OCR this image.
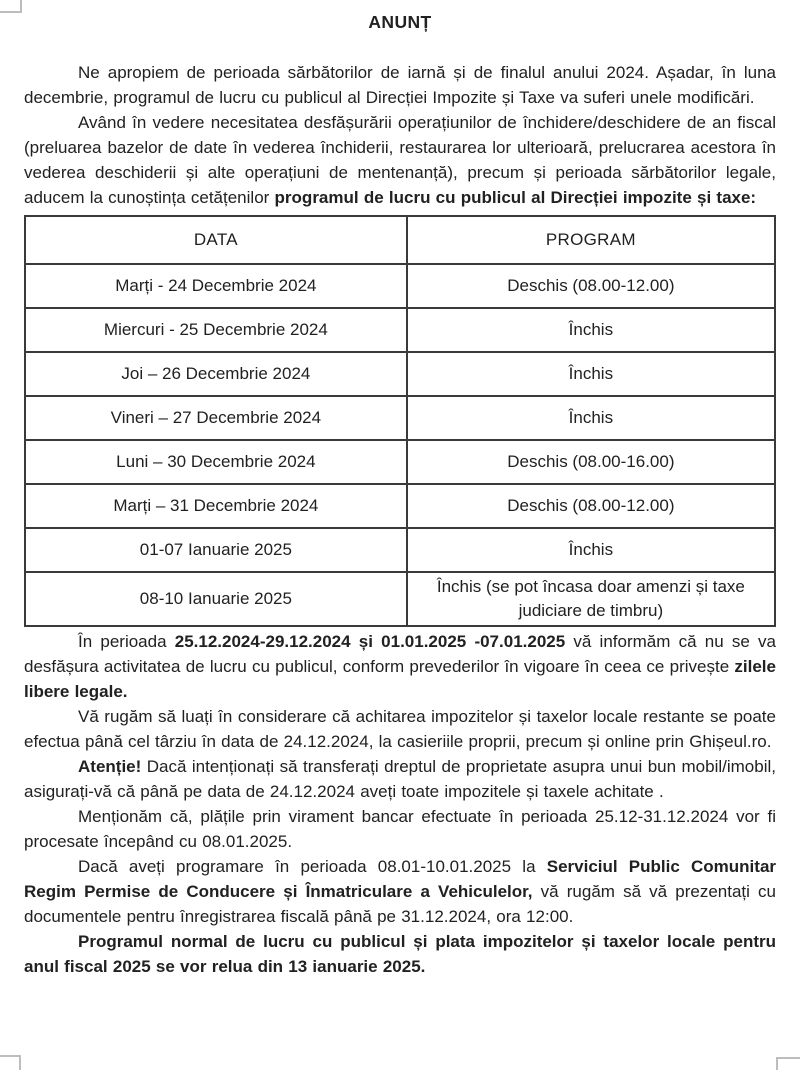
ANUNȚ

Ne apropiem de perioada sărbătorilor de iarnă și de finalul anului 2024. Așadar, în luna decembrie, programul de lucru cu publicul al Direcției Impozite și Taxe va suferi unele modificări.

Având în vedere necesitatea desfășurării operațiunilor de închidere/deschidere de an fiscal (preluarea bazelor de date în vederea închiderii, restaurarea lor ulterioară, prelucrarea acestora în vederea deschiderii și alte operațiuni de mentenanță), precum și perioada sărbătorilor legale, aducem la cunoștința cetățenilor programul de lucru cu publicul al Direcției impozite și taxe:

DATA	PROGRAM
Marți - 24 Decembrie 2024	Deschis (08.00-12.00)
Miercuri - 25 Decembrie 2024	Închis
Joi – 26 Decembrie 2024	Închis
Vineri – 27 Decembrie 2024	Închis
Luni – 30 Decembrie 2024	Deschis (08.00-16.00)
Marți – 31 Decembrie 2024	Deschis (08.00-12.00)
01-07 Ianuarie 2025	Închis
08-10 Ianuarie 2025	Închis (se pot încasa doar amenzi și taxe judiciare de timbru)

În perioada 25.12.2024-29.12.2024 și 01.01.2025 -07.01.2025 vă informăm că nu se va desfășura activitatea de lucru cu publicul, conform prevederilor în vigoare în ceea ce privește zilele libere legale.

Vă rugăm să luați în considerare că achitarea impozitelor și taxelor locale restante se poate efectua până cel târziu în data de 24.12.2024, la casieriile proprii, precum și online prin Ghișeul.ro.

Atenție! Dacă intenționați să transferați dreptul de proprietate asupra unui bun mobil/imobil, asigurați-vă că până pe data de 24.12.2024 aveți toate impozitele și taxele achitate .

Menționăm că, plățile prin virament bancar efectuate în perioada 25.12-31.12.2024 vor fi procesate începând cu 08.01.2025.

Dacă aveți programare în perioada 08.01-10.01.2025 la Serviciul Public Comunitar Regim Permise de Conducere și Înmatriculare a Vehiculelor, vă rugăm să vă prezentați cu documentele pentru înregistrarea fiscală până pe 31.12.2024, ora 12:00.

Programul normal de lucru cu publicul și plata impozitelor și taxelor locale pentru anul fiscal 2025 se vor relua din 13 ianuarie 2025.
